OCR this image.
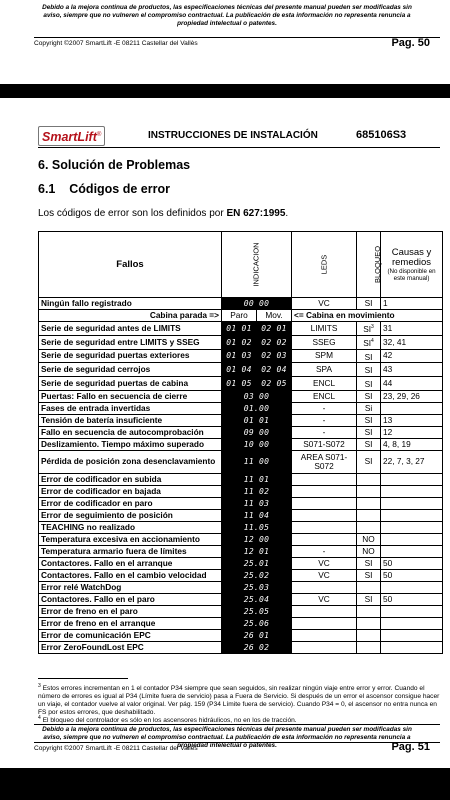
Debido a la mejora continua de productos, las especificaciones técnicas del presente manual pueden ser modificadas sin aviso, siempre que no vulneren el compromiso contractual. La publicación de esta información no representa renuncia a propiedad intelectual o patentes.
Copyright ©2007 SmartLift -E 08211 Castellar del Vallès	Pag. 50
SmartLift®	INSTRUCCIONES DE INSTALACIÓN	685106S3
6. Solución de Problemas
6.1    Códigos de error
Los códigos de error son los definidos por EN 627:1995.
Fallos	INDICACION		LEDS	BLOQUEO	Causas y remedios
(No disponible en este manual)

Ningún fallo registrado	00 00		VC	SI	1
Cabina parada =>	Paro	Mov.	<= Cabina en movimiento		
Serie de seguridad antes de LIMITS	01 01	02 01	LIMITS	$SI^3$	31
Serie de seguridad entre LIMITS y SSEG	01 02	02 02	SSEG	$SI^4$	32, 41
Serie de seguridad puertas exteriores	01 03	02 03	SPM	SI	42
Serie de seguridad cerrojos	01 04	02 04	SPA	SI	43
Serie de seguridad puertas de cabina	01 05	02 05	ENCL	SI	44
Puertas: Fallo en secuencia de cierre	03 00		ENCL	SI	23, 29, 26
Fases de entrada invertidas	01.00		-	Si	
Tensión de batería insuficiente	01 01		-	SI	13
Fallo en secuencia de autocomprobación	09 00		-	SI	12
Deslizamiento. Tiempo máximo superado	10 00		S071-S072	SI	4, 8, 19
Pérdida de posición zona desenclavamiento	11 00		AREA S071-S072	SI	22, 7, 3, 27
Error de codificador en subida	11 01				
Error de codificador en bajada	11 02				
Error de codificador en paro	11 03				
Error de seguimiento de posición	11 04				
TEACHING no realizado	11.05				
Temperatura excesiva en accionamiento	12 00			NO	
Temperatura armario fuera de límites	12 01		-	NO	
Contactores. Fallo en el arranque	25.01		VC	SI	50
Contactores. Fallo en el cambio velocidad	25.02		VC	SI	50
Error relé WatchDog	25.03				
Contactores. Fallo en el paro	25.04		VC	SI	50
Error de freno en el paro	25.05				
Error de freno en el arranque	25.06				
Error de comunicación EPC	26 01				
Error ZeroFoundLost EPC	26 02				
$^3$ Estos errores incrementan en 1 el contador P34 siempre que sean seguidos, sin realizar ningún viaje entre error y error. Cuando el número de errores es igual al P34 (Límite fuera de servicio) pasa a Fuera de Servicio. Si después de un error el ascensor consigue hacer un viaje, el contador vuelve al valor original. Ver pág. 159 (P34 Límite fuera de servicio). Cuando P34 = 0, el ascensor no entra nunca en FS por estos errores, que deshabilitado.
$^4$ El bloqueo del controlador es sólo en los ascensores hidráulicos, no en los de tracción.
Debido a la mejora continua de productos, las especificaciones técnicas del presente manual pueden ser modificadas sin aviso, siempre que no vulneren el compromiso contractual. La publicación de esta información no representa renuncia a propiedad intelectual o patentes.
Copyright ©2007 SmartLift -E 08211 Castellar del Vallès	Pag. 51
